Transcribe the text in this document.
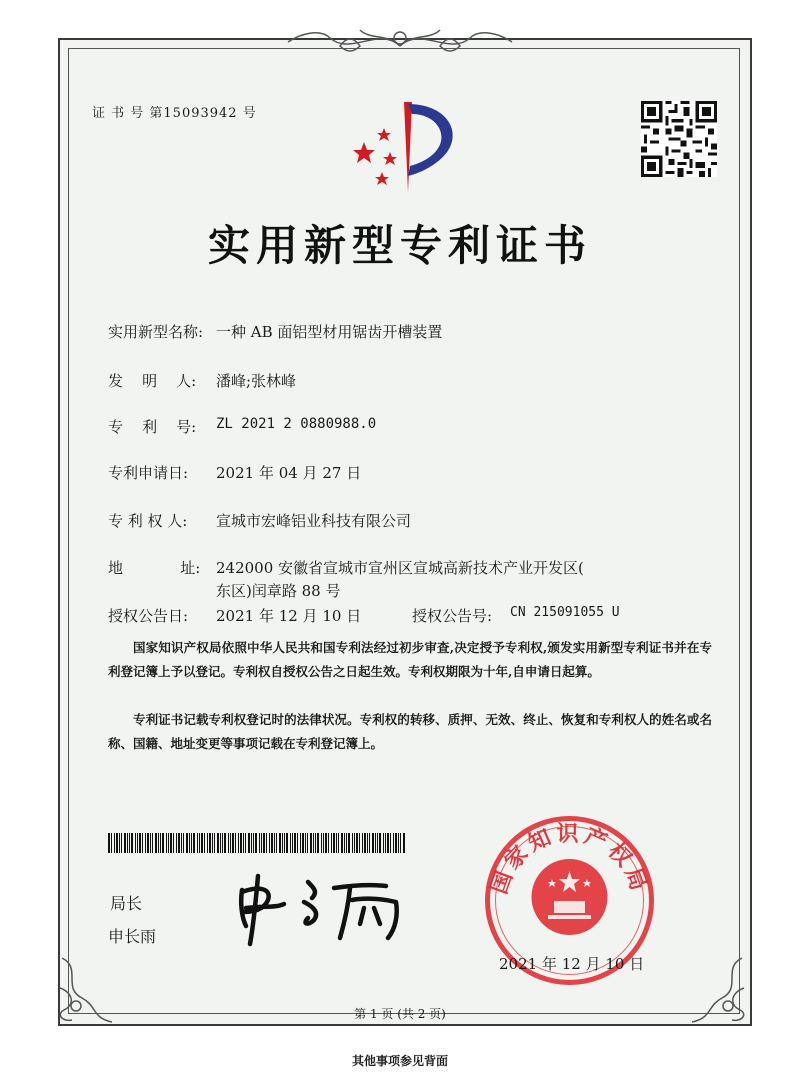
证 书 号 第15093942 号
实用新型专利证书
实用新型名称: 一种 AB 面铝型材用锯齿开槽装置
发    明    人: 潘峰;张林峰
专    利    号: ZL 2021 2 0880988.0
专利申请日: 2021 年 04 月 27 日
专 利 权 人: 宣城市宏峰铝业科技有限公司
地            址: 242000 安徽省宣城市宣州区宣城高新技术产业开发区(
东区)闰章路 88 号
授权公告日: 2021 年 12 月 10 日	授权公告号: CN 215091055 U
国家知识产权局依照中华人民共和国专利法经过初步审查,决定授予专利权,颁发实用新型专利证书并在专利登记簿上予以登记。专利权自授权公告之日起生效。专利权期限为十年,自申请日起算。
专利证书记载专利权登记时的法律状况。专利权的转移、质押、无效、终止、恢复和专利权人的姓名或名称、国籍、地址变更等事项记载在专利登记簿上。
局长
申长雨
国家知识产权局
2021 年 12 月 10 日
第 1 页 (共 2 页)
其他事项参见背面
